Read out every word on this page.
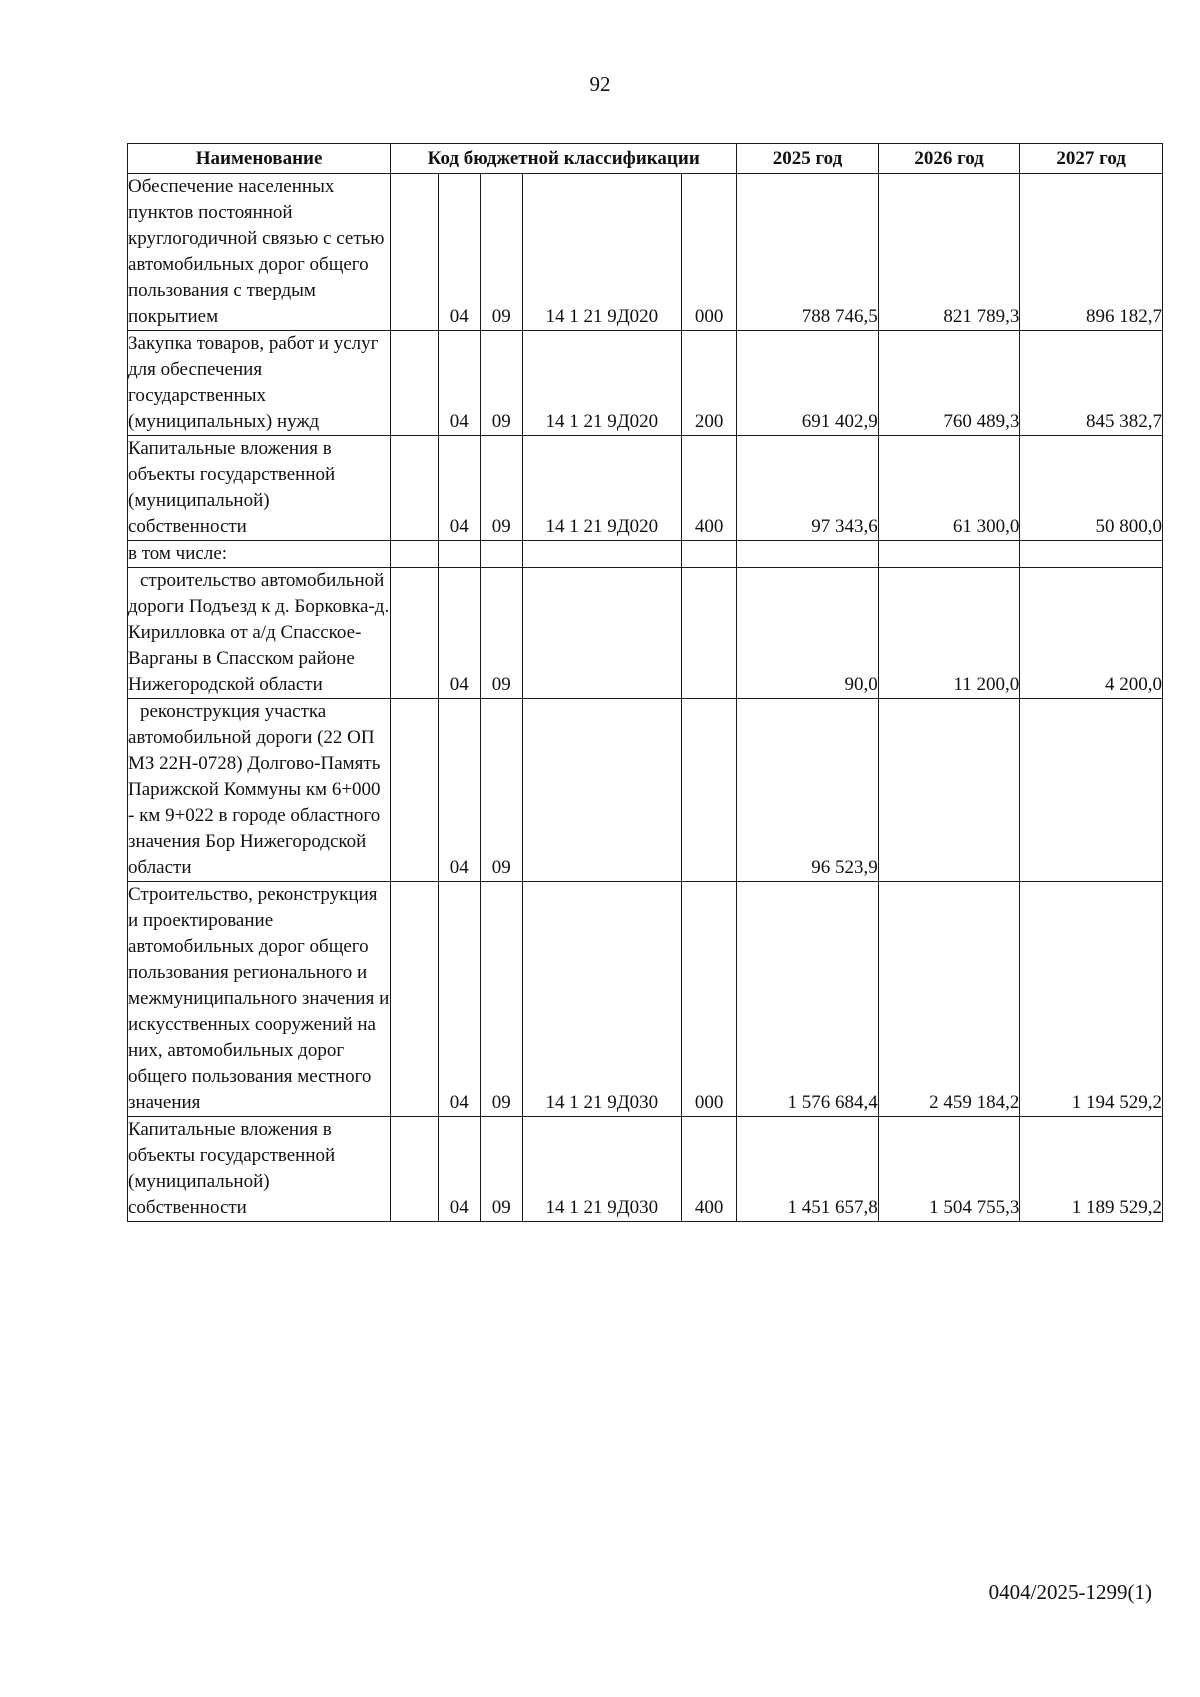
92
Наименование	Код бюджетной классификации					2025 год	2026 год	2027 год
Обеспечение населенных пунктов постоянной круглогодичной связью с сетью автомобильных дорог общего пользования с твердым покрытием		04	09	14 1 21 9Д020	000	788 746,5	821 789,3	896 182,7
Закупка товаров, работ и услуг для обеспечения государственных (муниципальных) нужд		04	09	14 1 21 9Д020	200	691 402,9	760 489,3	845 382,7
Капитальные вложения в объекты государственной (муниципальной) собственности		04	09	14 1 21 9Д020	400	97 343,6	61 300,0	50 800,0
в том числе:								
строительство автомобильной дороги Подъезд к д. Борковка-д. Кирилловка от а/д Спасское-Варганы в Спасском районе Нижегородской области		04	09			90,0	11 200,0	4 200,0
реконструкция участка автомобильной дороги (22 ОП МЗ 22Н-0728) Долгово-Память Парижской Коммуны км 6+000 - км 9+022 в городе областного значения Бор Нижегородской области		04	09			96 523,9		
Строительство, реконструкция и проектирование автомобильных дорог общего пользования регионального и межмуниципального значения и искусственных сооружений на них, автомобильных дорог общего пользования местного значения		04	09	14 1 21 9Д030	000	1 576 684,4	2 459 184,2	1 194 529,2
Капитальные вложения в объекты государственной (муниципальной) собственности		04	09	14 1 21 9Д030	400	1 451 657,8	1 504 755,3	1 189 529,2
0404/2025-1299(1)
